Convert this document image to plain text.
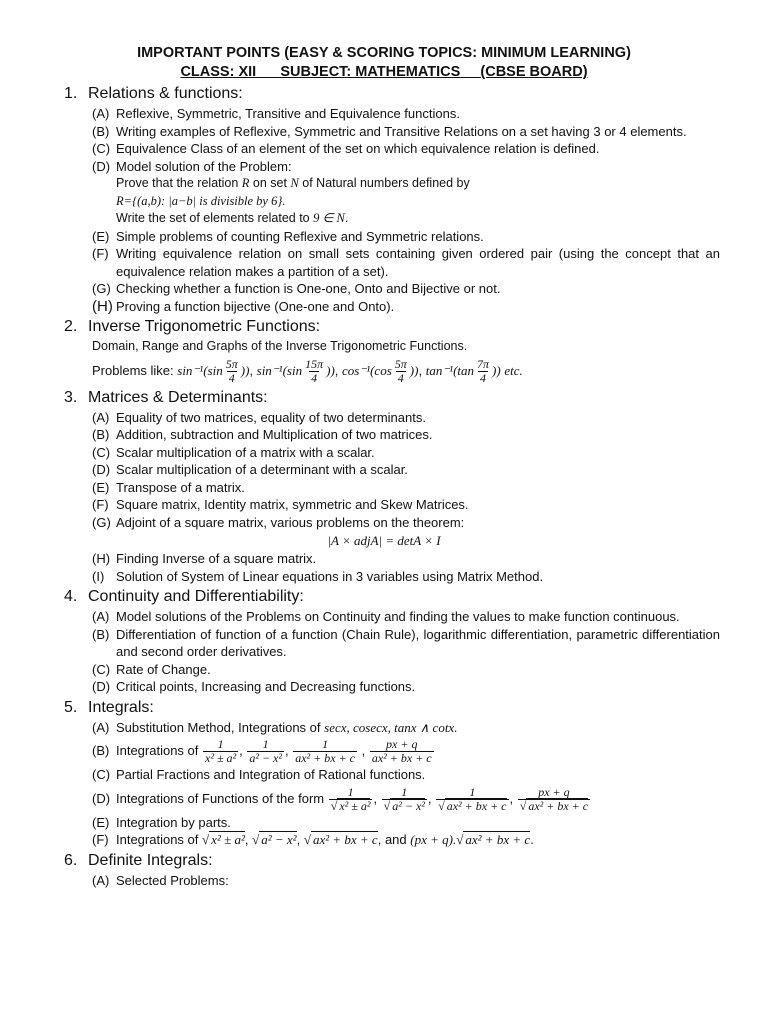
IMPORTANT POINTS (EASY & SCORING TOPICS: MINIMUM LEARNING)
CLASS: XII      SUBJECT: MATHEMATICS     (CBSE BOARD)
1. Relations & functions:
(A) Reflexive, Symmetric, Transitive and Equivalence functions.
(B) Writing examples of Reflexive, Symmetric and Transitive Relations on a set having 3 or 4 elements.
(C) Equivalence Class of an element of the set on which equivalence relation is defined.
(D) Model solution of the Problem:
Prove that the relation R on set N of Natural numbers defined by
R={(a,b): |a−b| is divisible by 6}.
Write the set of elements related to 9 ∈ N.
(E) Simple problems of counting Reflexive and Symmetric relations.
(F) Writing equivalence relation on small sets containing given ordered pair (using the concept that an equivalence relation makes a partition of a set).
(G) Checking whether a function is One-one, Onto and Bijective or not.
(H) Proving a function bijective (One-one and Onto).
2. Inverse Trigonometric Functions:
Domain, Range and Graphs of the Inverse Trigonometric Functions.
Problems like: $\sin^{-1}(\sin \frac{5\pi}{4}$ )), $\sin^{-1}(\sin \frac{15\pi}{4}$ )), $\cos^{-1}(\cos \frac{5\pi}{4}$ )), $\tan^{-1}(\tan \frac{7\pi}{4}$ )) etc.
3. Matrices & Determinants:
(A) Equality of two matrices, equality of two determinants.
(B) Addition, subtraction and Multiplication of two matrices.
(C) Scalar multiplication of a matrix with a scalar.
(D) Scalar multiplication of a determinant with a scalar.
(E) Transpose of a matrix.
(F) Square matrix, Identity matrix, symmetric and Skew Matrices.
(G) Adjoint of a square matrix, various problems on the theorem:
|A × adjA| = detA × I
(H) Finding Inverse of a square matrix.
(I) Solution of System of Linear equations in 3 variables using Matrix Method.
4. Continuity and Differentiability:
(A) Model solutions of the Problems on Continuity and finding the values to make function continuous.
(B) Differentiation of function of a function (Chain Rule), logarithmic differentiation, parametric differentiation and second order derivatives.
(C) Rate of Change.
(D) Critical points, Increasing and Decreasing functions.
5. Integrals:
(A) Substitution Method, Integrations of secx, cosecx, tanx ∧ cotx.
(B) Integrations of $\frac{1}{\text{x² ± a²}}$ , $\frac{1}{\text{a² − x²}}$ , $\frac{1}{\text{ax² + bx + c}}$ , $\frac{px + q}{\text{ax² + bx + c}}$
(C) Partial Fractions and Integration of Rational functions.
(D) Integrations of Functions of the form 1
√ x² ± a² , 1
√ a² − x² , 1
√ ax² + bx + c , px + q
√ ax² + bx + c
(E) Integration by parts.
(F) Integrations of √ x² ± a², √ a² − x², √ ax² + bx + c, and (px + q). √ ax² + bx + c.
6. Definite Integrals:
(A) Selected Problems:
